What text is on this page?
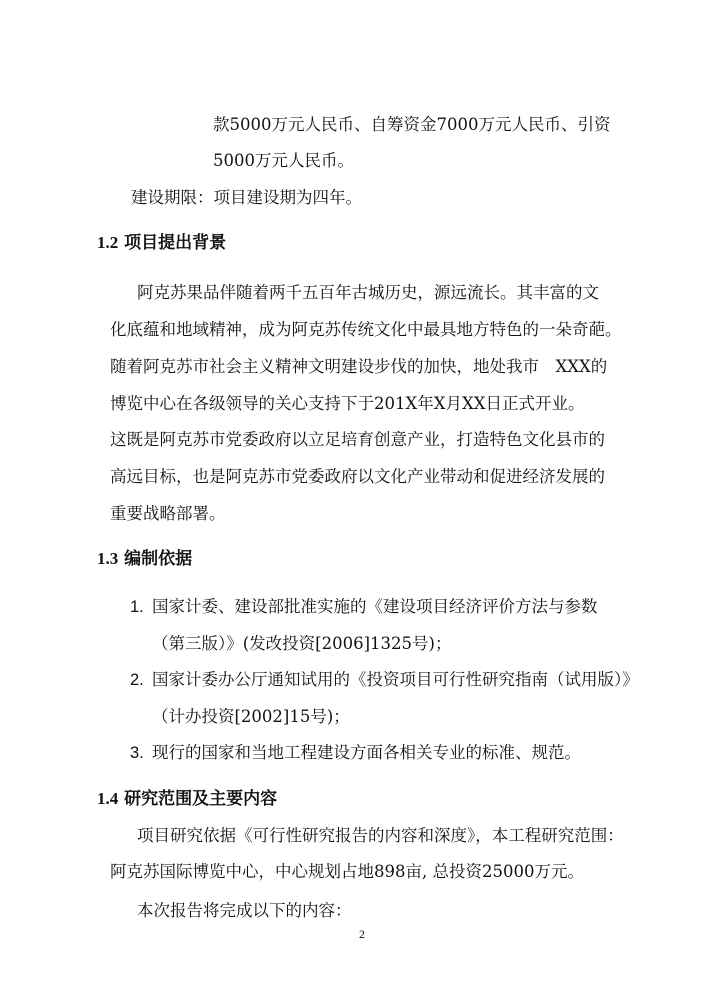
款5000万元人民币、自筹资金7000万元人民币、引资
5000万元人民币。
建设期限：项目建设期为四年。
1.2 项目提出背景
阿克苏果品伴随着两千五百年古城历史，源远流长。其丰富的文
化底蕴和地域精神，成为阿克苏传统文化中最具地方特色的一朵奇葩。
随着阿克苏市社会主义精神文明建设步伐的加快，地处我市　XXX的
博览中心在各级领导的关心支持下于201X年X月XX日正式开业。
这既是阿克苏市党委政府以立足培育创意产业，打造特色文化县市的
高远目标，也是阿克苏市党委政府以文化产业带动和促进经济发展的
重要战略部署。
1.3 编制依据
1. 国家计委、建设部批准实施的《建设项目经济评价方法与参数
（第三版）》(发改投资[2006]1325号)；
2. 国家计委办公厅通知试用的《投资项目可行性研究指南（试用版）》
（计办投资[2002]15号)；
3. 现行的国家和当地工程建设方面各相关专业的标准、规范。
1.4 研究范围及主要内容
项目研究依据《可行性研究报告的内容和深度》，本工程研究范围：
阿克苏国际博览中心，中心规划占地898亩, 总投资25000万元。
本次报告将完成以下的内容：
2
